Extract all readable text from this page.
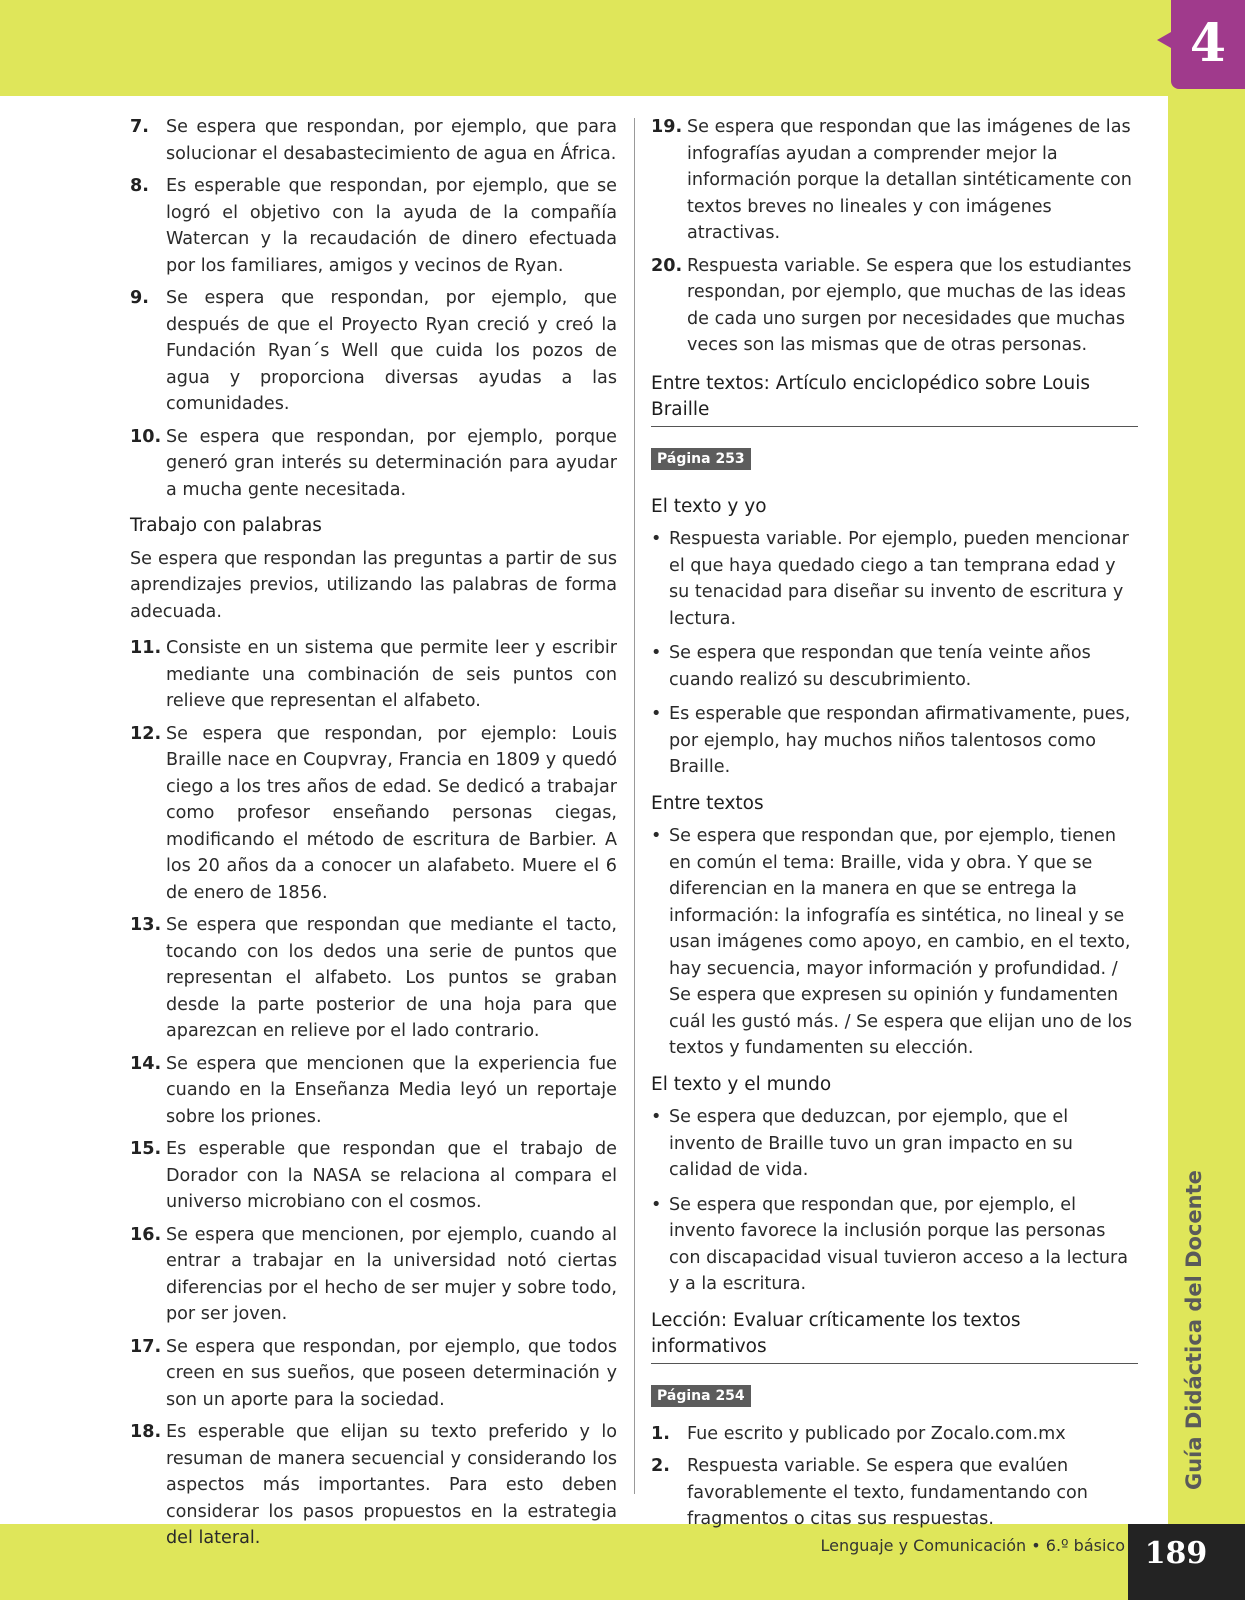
4
Guía Didáctica del Docente
Lenguaje y Comunicación • 6.º básico 189
7. Se espera que respondan, por ejemplo, que para solucionar el desabastecimiento de agua en África.
8. Es esperable que respondan, por ejemplo, que se logró el objetivo con la ayuda de la compañía Watercan y la recaudación de dinero efectuada por los familiares, amigos y vecinos de Ryan.
9. Se espera que respondan, por ejemplo, que después de que el Proyecto Ryan creció y creó la Fundación Ryan´s Well que cuida los pozos de agua y proporciona diversas ayudas a las comunidades.
10. Se espera que respondan, por ejemplo, porque generó gran interés su determinación para ayudar a mucha gente necesitada.
Trabajo con palabras
Se espera que respondan las preguntas a partir de sus aprendizajes previos, utilizando las palabras de forma adecuada.
11. Consiste en un sistema que permite leer y escribir mediante una combinación de seis puntos con relieve que representan el alfabeto.
12. Se espera que respondan, por ejemplo: Louis Braille nace en Coupvray, Francia en 1809 y quedó ciego a los tres años de edad. Se dedicó a trabajar como profesor enseñando personas ciegas, modificando el método de escritura de Barbier. A los 20 años da a conocer un alafabeto. Muere el 6 de enero de 1856.
13. Se espera que respondan que mediante el tacto, tocando con los dedos una serie de puntos que representan el alfabeto. Los puntos se graban desde la parte posterior de una hoja para que aparezcan en relieve por el lado contrario.
14. Se espera que mencionen que la experiencia fue cuando en la Enseñanza Media leyó un reportaje sobre los priones.
15. Es esperable que respondan que el trabajo de Dorador con la NASA se relaciona al compara el universo microbiano con el cosmos.
16. Se espera que mencionen, por ejemplo, cuando al entrar a trabajar en la universidad notó ciertas diferencias por el hecho de ser mujer y sobre todo, por ser joven.
17. Se espera que respondan, por ejemplo, que todos creen en sus sueños, que poseen determinación y son un aporte para la sociedad.
18. Es esperable que elijan su texto preferido y lo resuman de manera secuencial y considerando los aspectos más importantes. Para esto deben considerar los pasos propuestos en la estrategia del lateral.
19. Se espera que respondan que las imágenes de las infografías ayudan a comprender mejor la información porque la detallan sintéticamente con textos breves no lineales y con imágenes atractivas.
20. Respuesta variable. Se espera que los estudiantes respondan, por ejemplo, que muchas de las ideas de cada uno surgen por necesidades que muchas veces son las mismas que de otras personas.
Entre textos: Artículo enciclopédico sobre Louis Braille
Página 253
El texto y yo
• Respuesta variable. Por ejemplo, pueden mencionar el que haya quedado ciego a tan temprana edad y su tenacidad para diseñar su invento de escritura y lectura.
• Se espera que respondan que tenía veinte años cuando realizó su descubrimiento.
• Es esperable que respondan afirmativamente, pues, por ejemplo, hay muchos niños talentosos como Braille.
Entre textos
• Se espera que respondan que, por ejemplo, tienen en común el tema: Braille, vida y obra. Y que se diferencian en la manera en que se entrega la información: la infografía es sintética, no lineal y se usan imágenes como apoyo, en cambio, en el texto, hay secuencia, mayor información y profundidad. / Se espera que expresen su opinión y fundamenten cuál les gustó más. / Se espera que elijan uno de los textos y fundamenten su elección.
El texto y el mundo
• Se espera que deduzcan, por ejemplo, que el invento de Braille tuvo un gran impacto en su calidad de vida.
• Se espera que respondan que, por ejemplo, el invento favorece la inclusión porque las personas con discapacidad visual tuvieron acceso a la lectura y a la escritura.
Lección: Evaluar críticamente los textos informativos
Página 254
1. Fue escrito y publicado por Zocalo.com.mx
2. Respuesta variable. Se espera que evalúen favorablemente el texto, fundamentando con fragmentos o citas sus respuestas.
